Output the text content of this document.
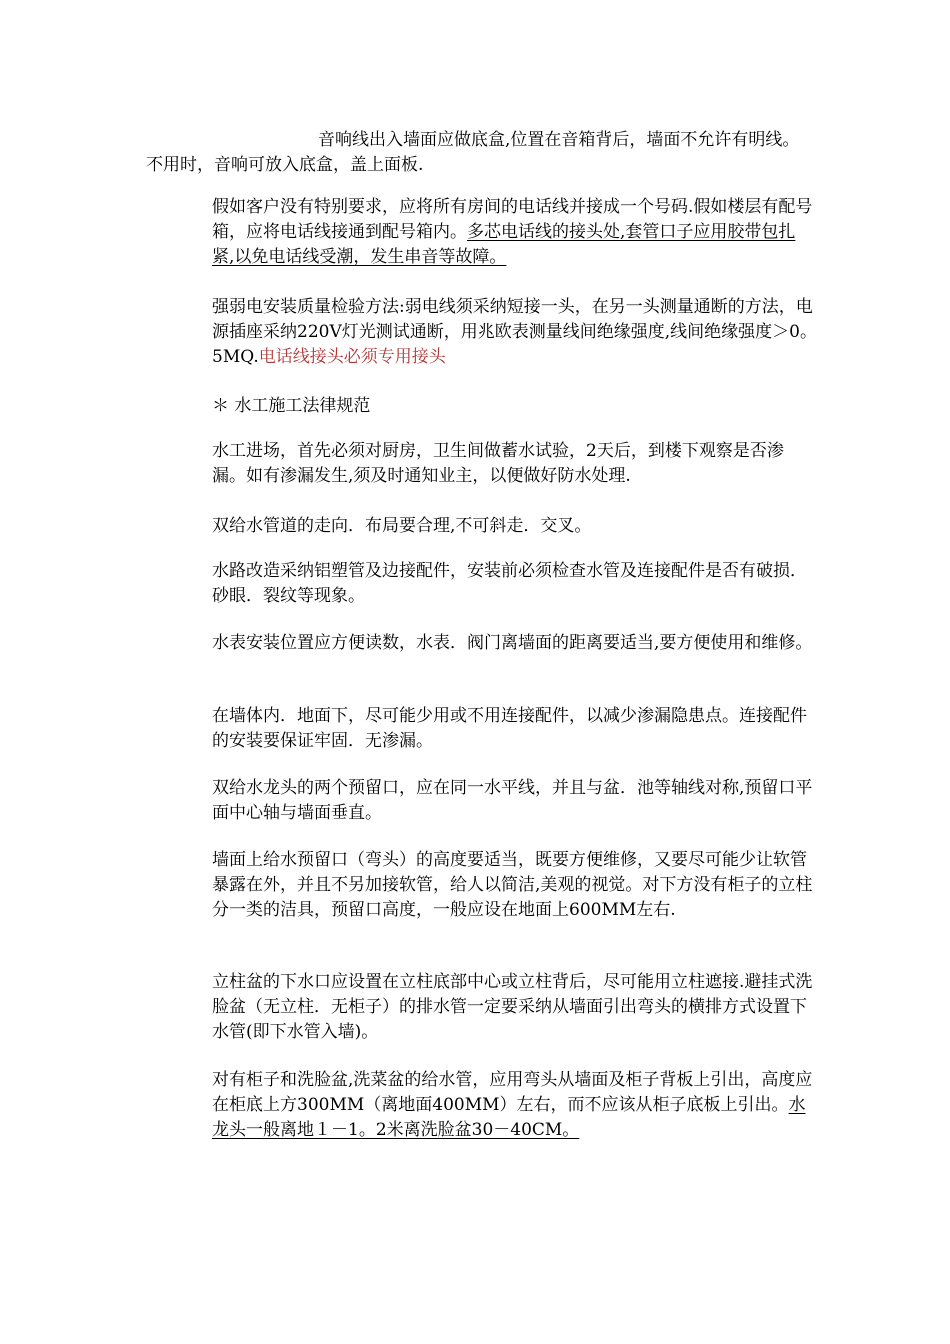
音响线出入墙面应做底盒,位置在音箱背后，墙面不允许有明线。不用时，音响可放入底盒，盖上面板.

假如客户没有特别要求，应将所有房间的电话线并接成一个号码.假如楼层有配号箱，应将电话线接通到配号箱内。多芯电话线的接头处,套管口子应用胶带包扎紧,以免电话线受潮，发生串音等故障。

强弱电安装质量检验方法:弱电线须采纳短接一头，在另一头测量通断的方法，电源插座采纳220V灯光测试通断，用兆欧表测量线间绝缘强度,线间绝缘强度＞0。5MQ.电话线接头必须专用接头

＊ 水工施工法律规范

水工进场，首先必须对厨房，卫生间做蓄水试验，2天后，到楼下观察是否渗漏。如有渗漏发生,须及时通知业主，以便做好防水处理.

双给水管道的走向．布局要合理,不可斜走．交叉。

水路改造采纳铝塑管及边接配件，安装前必须检查水管及连接配件是否有破损．砂眼．裂纹等现象。

水表安装位置应方便读数，水表．阀门离墙面的距离要适当,要方便使用和维修。

在墙体内．地面下，尽可能少用或不用连接配件，以减少渗漏隐患点。连接配件的安装要保证牢固．无渗漏。

双给水龙头的两个预留口，应在同一水平线，并且与盆．池等轴线对称,预留口平面中心轴与墙面垂直。

墙面上给水预留口（弯头）的高度要适当，既要方便维修，又要尽可能少让软管暴露在外，并且不另加接软管，给人以简洁,美观的视觉。对下方没有柜子的立柱分一类的洁具，预留口高度，一般应设在地面上600MM左右.

立柱盆的下水口应设置在立柱底部中心或立柱背后，尽可能用立柱遮接.避挂式洗脸盆（无立柱．无柜子）的排水管一定要采纳从墙面引出弯头的横排方式设置下水管(即下水管入墙)。

对有柜子和洗脸盆,洗菜盆的给水管，应用弯头从墙面及柜子背板上引出，高度应在柜底上方300MM（离地面400MM）左右，而不应该从柜子底板上引出。水龙头一般离地１－1。2米离洗脸盆30－40CM。
